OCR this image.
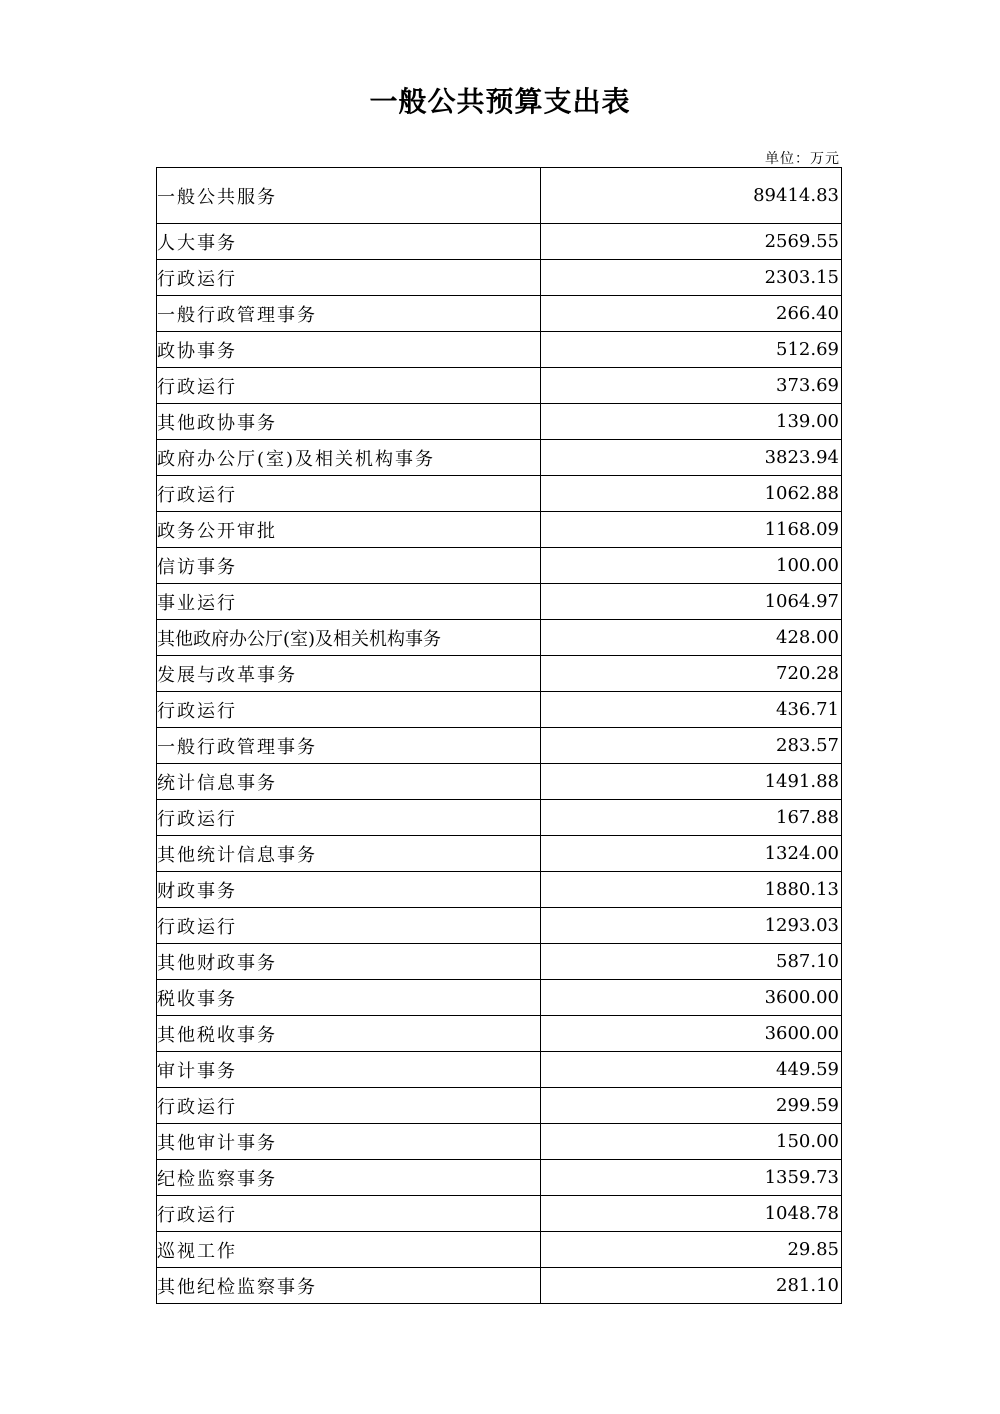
一般公共预算支出表
单位：万元
一般公共服务	89414.83
人大事务	2569.55
行政运行	2303.15
一般行政管理事务	266.40
政协事务	512.69
行政运行	373.69
其他政协事务	139.00
政府办公厅(室)及相关机构事务	3823.94
行政运行	1062.88
政务公开审批	1168.09
信访事务	100.00
事业运行	1064.97
其他政府办公厅(室)及相关机构事务	428.00
发展与改革事务	720.28
行政运行	436.71
一般行政管理事务	283.57
统计信息事务	1491.88
行政运行	167.88
其他统计信息事务	1324.00
财政事务	1880.13
行政运行	1293.03
其他财政事务	587.10
税收事务	3600.00
其他税收事务	3600.00
审计事务	449.59
行政运行	299.59
其他审计事务	150.00
纪检监察事务	1359.73
行政运行	1048.78
巡视工作	29.85
其他纪检监察事务	281.10
